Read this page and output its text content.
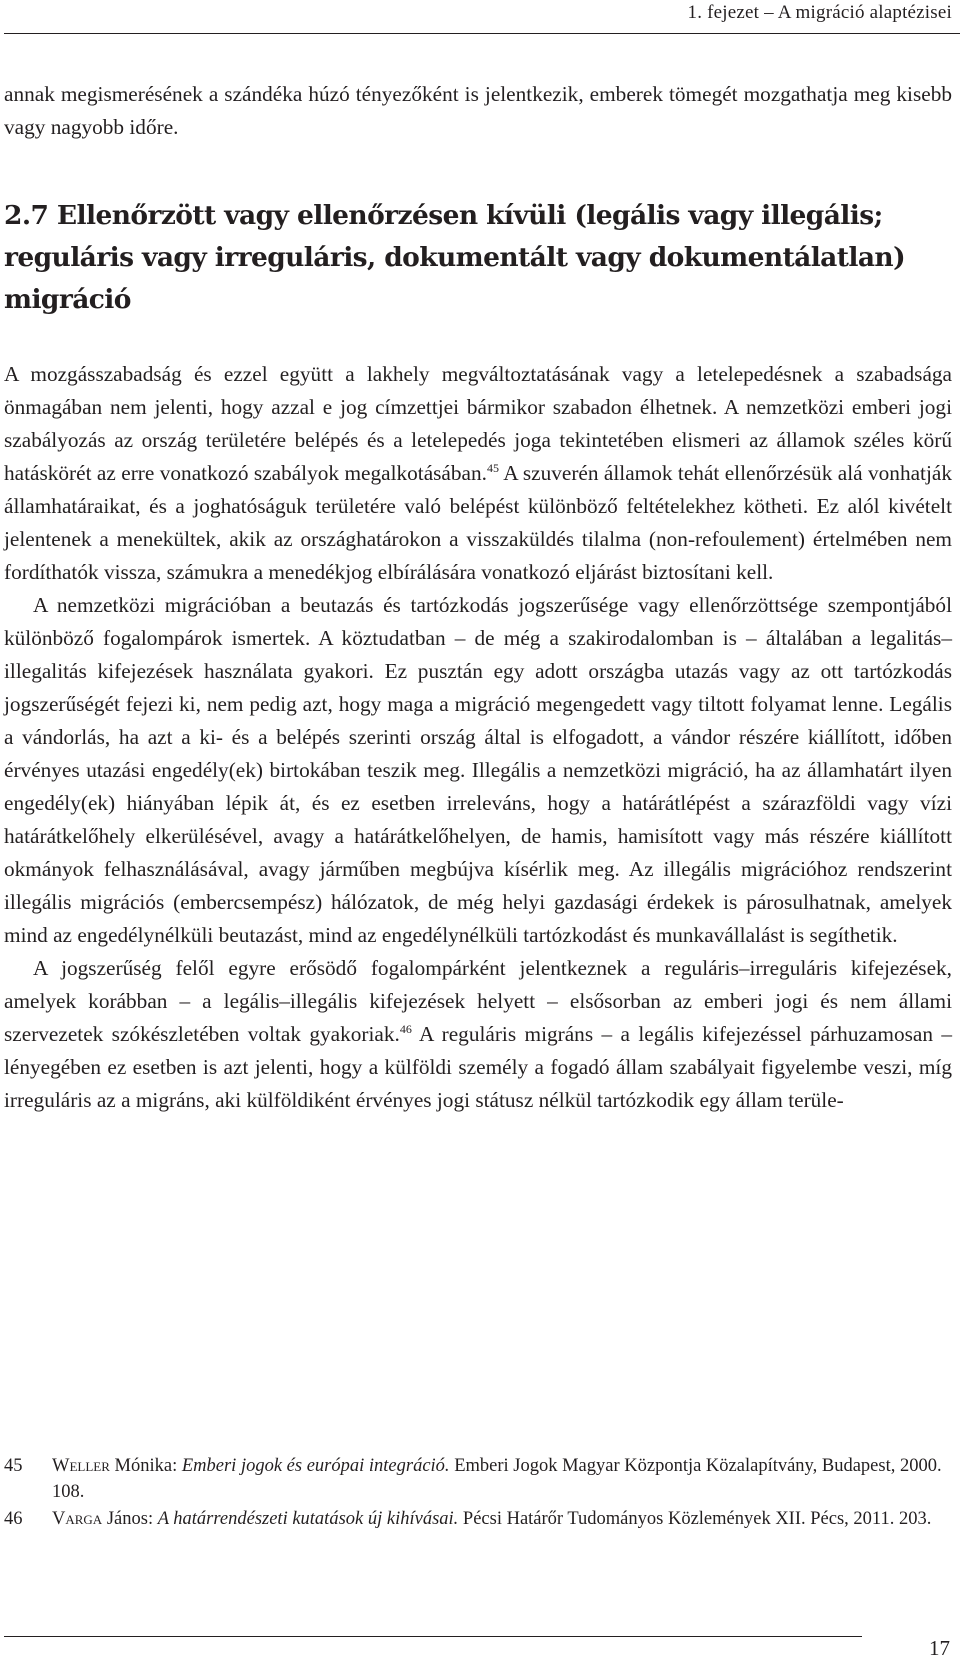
1. fejezet – A migráció alaptézisei

annak megismerésének a szándéka húzó tényezőként is jelentkezik, emberek tömegét mozgathatja meg kisebb vagy nagyobb időre.

2.7 Ellenőrzött vagy ellenőrzésen kívüli (legális vagy illegális; reguláris vagy irreguláris, dokumentált vagy dokumentálatlan) migráció

A mozgásszabadság és ezzel együtt a lakhely megváltoztatásának vagy a letelepedésnek a szabadsága önmagában nem jelenti, hogy azzal e jog címzettjei bármikor szabadon élhetnek. A nemzetközi emberi jogi szabályozás az ország területére belépés és a letelepedés joga tekintetében elismeri az államok széles körű hatáskörét az erre vonatkozó szabályok megalkotásában.$^{45}$ A szuverén államok tehát ellenőrzésük alá vonhatják államhatáraikat, és a joghatóságuk területére való belépést különböző feltételekhez kötheti. Ez alól kivételt jelentenek a menekültek, akik az országhatárokon a visszaküldés tilalma (non-refoulement) értelmében nem fordíthatók vissza, számukra a menedékjog elbírálására vonatkozó eljárást biztosítani kell.

A nemzetközi migrációban a beutazás és tartózkodás jogszerűsége vagy ellenőrzöttsége szempontjából különböző fogalompárok ismertek. A köztudatban – de még a szakirodalomban is – általában a legalitás–illegalitás kifejezések használata gyakori. Ez pusztán egy adott országba utazás vagy az ott tartózkodás jogszerűségét fejezi ki, nem pedig azt, hogy maga a migráció megengedett vagy tiltott folyamat lenne. Legális a vándorlás, ha azt a ki- és a belépés szerinti ország által is elfogadott, a vándor részére kiállított, időben érvényes utazási engedély(ek) birtokában teszik meg. Illegális a nemzetközi migráció, ha az államhatárt ilyen engedély(ek) hiányában lépik át, és ez esetben irreleváns, hogy a határátlépést a szárazföldi vagy vízi határátkelőhely elkerülésével, avagy a határátkelőhelyen, de hamis, hamisított vagy más részére kiállított okmányok felhasználásával, avagy járműben megbújva kísérlik meg. Az illegális migrációhoz rendszerint illegális migrációs (embercsempész) hálózatok, de még helyi gazdasági érdekek is párosulhatnak, amelyek mind az engedélynélküli beutazást, mind az engedélynélküli tartózkodást és munkavállalást is segíthetik.

A jogszerűség felől egyre erősödő fogalompárként jelentkeznek a reguláris–irreguláris kifejezések, amelyek korábban – a legális–illegális kifejezések helyett – elsősorban az emberi jogi és nem állami szervezetek szókészletében voltak gyakoriak.$^{46}$ A reguláris migráns – a legális kifejezéssel párhuzamosan – lényegében ez esetben is azt jelenti, hogy a külföldi személy a fogadó állam szabályait figyelembe veszi, míg irreguláris az a migráns, aki külföldiként érvényes jogi státusz nélkül tartózkodik egy állam terüle-

45 Weller Mónika: Emberi jogok és európai integráció. Emberi Jogok Magyar Központja Közalapítvány, Budapest, 2000. 108.
46 Varga János: A határrendészeti kutatások új kihívásai. Pécsi Határőr Tudományos Közlemények XII. Pécs, 2011. 203.
17
